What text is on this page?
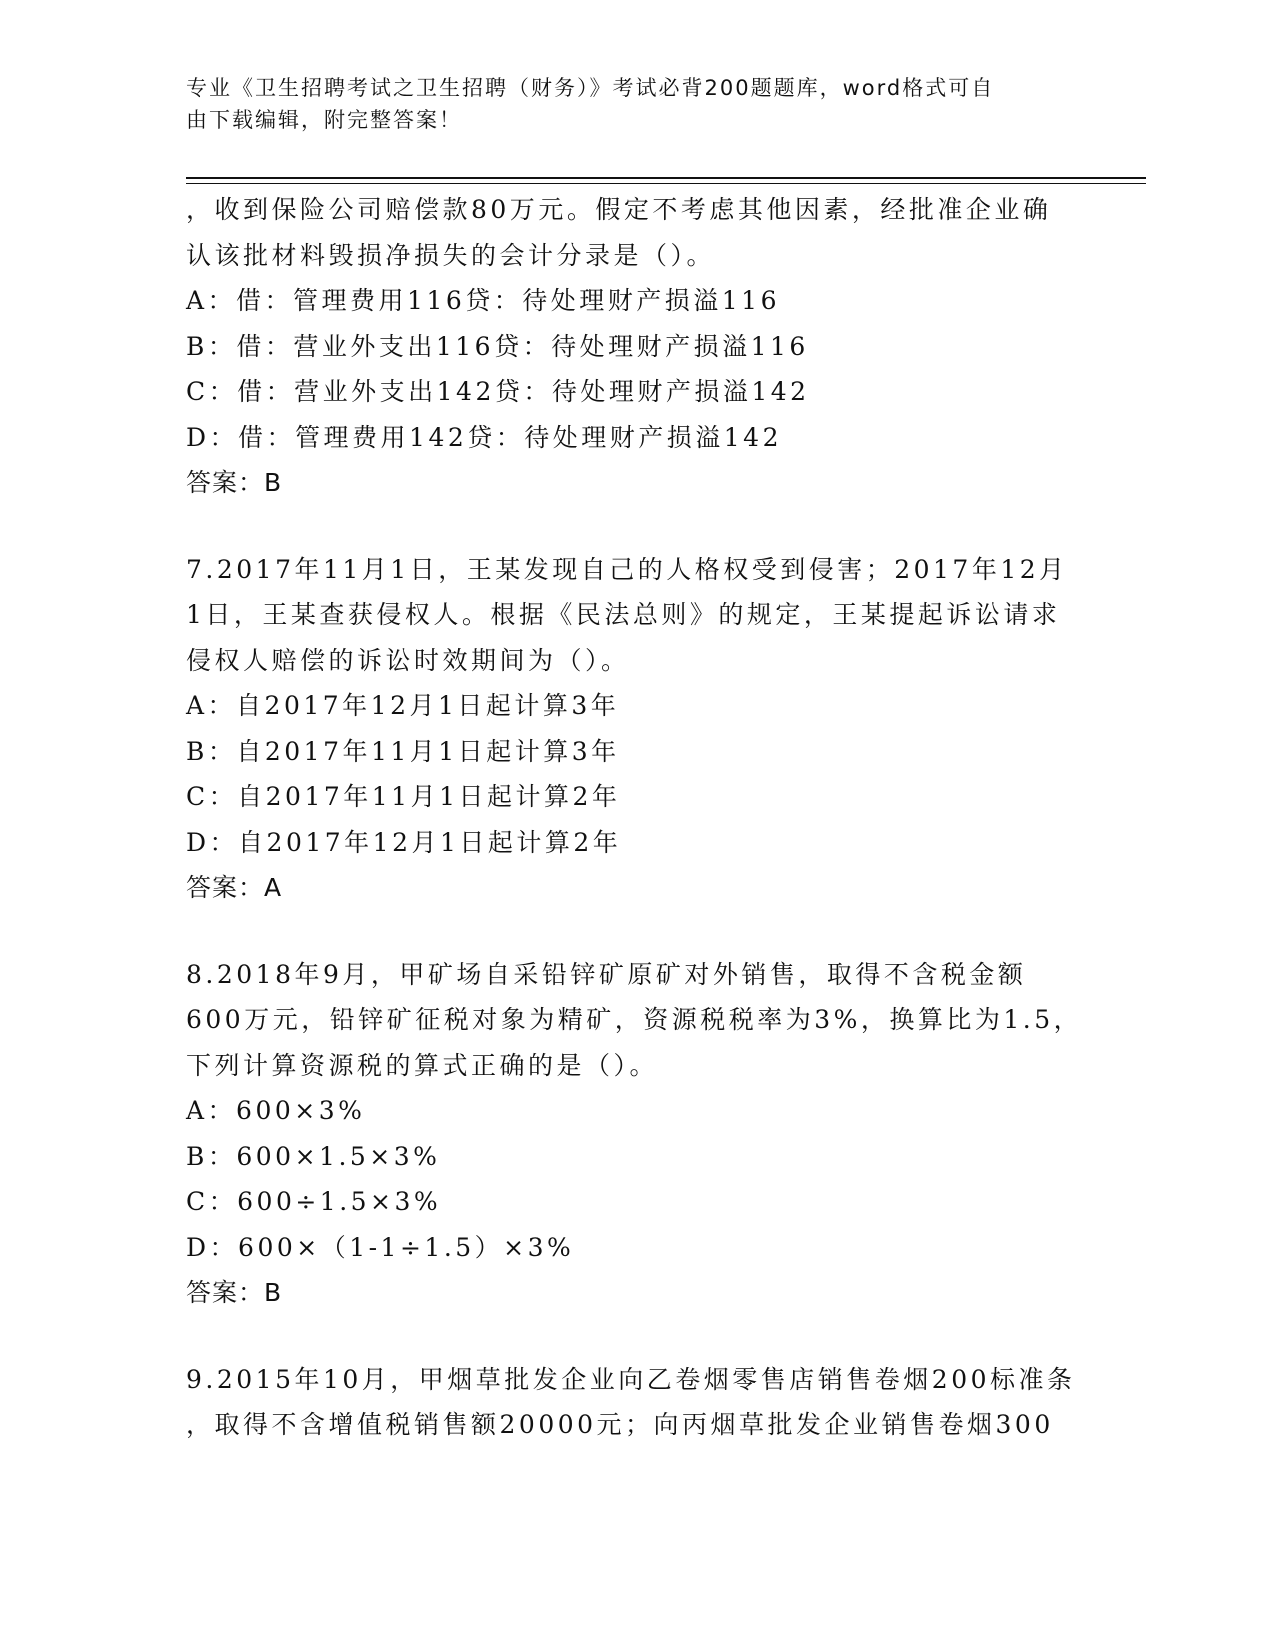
专业《卫生招聘考试之卫生招聘（财务）》考试必背200题题库，word格式可自
由下载编辑，附完整答案！
，收到保险公司赔偿款80万元。假定不考虑其他因素，经批准企业确
认该批材料毁损净损失的会计分录是（）。
A：借：管理费用116贷：待处理财产损溢116
B：借：营业外支出116贷：待处理财产损溢116
C：借：营业外支出142贷：待处理财产损溢142
D：借：管理费用142贷：待处理财产损溢142
答案：B
7.2017年11月1日，王某发现自己的人格权受到侵害；2017年12月
1日，王某查获侵权人。根据《民法总则》的规定，王某提起诉讼请求
侵权人赔偿的诉讼时效期间为（）。
A：自2017年12月1日起计算3年
B：自2017年11月1日起计算3年
C：自2017年11月1日起计算2年
D：自2017年12月1日起计算2年
答案：A
8.2018年9月，甲矿场自采铅锌矿原矿对外销售，取得不含税金额
600万元，铅锌矿征税对象为精矿，资源税税率为3%，换算比为1.5，
下列计算资源税的算式正确的是（）。
A：600×3%
B：600×1.5×3%
C：600÷1.5×3%
D：600×（1-1÷1.5）×3%
答案：B
9.2015年10月，甲烟草批发企业向乙卷烟零售店销售卷烟200标准条
，取得不含增值税销售额20000元；向丙烟草批发企业销售卷烟300
